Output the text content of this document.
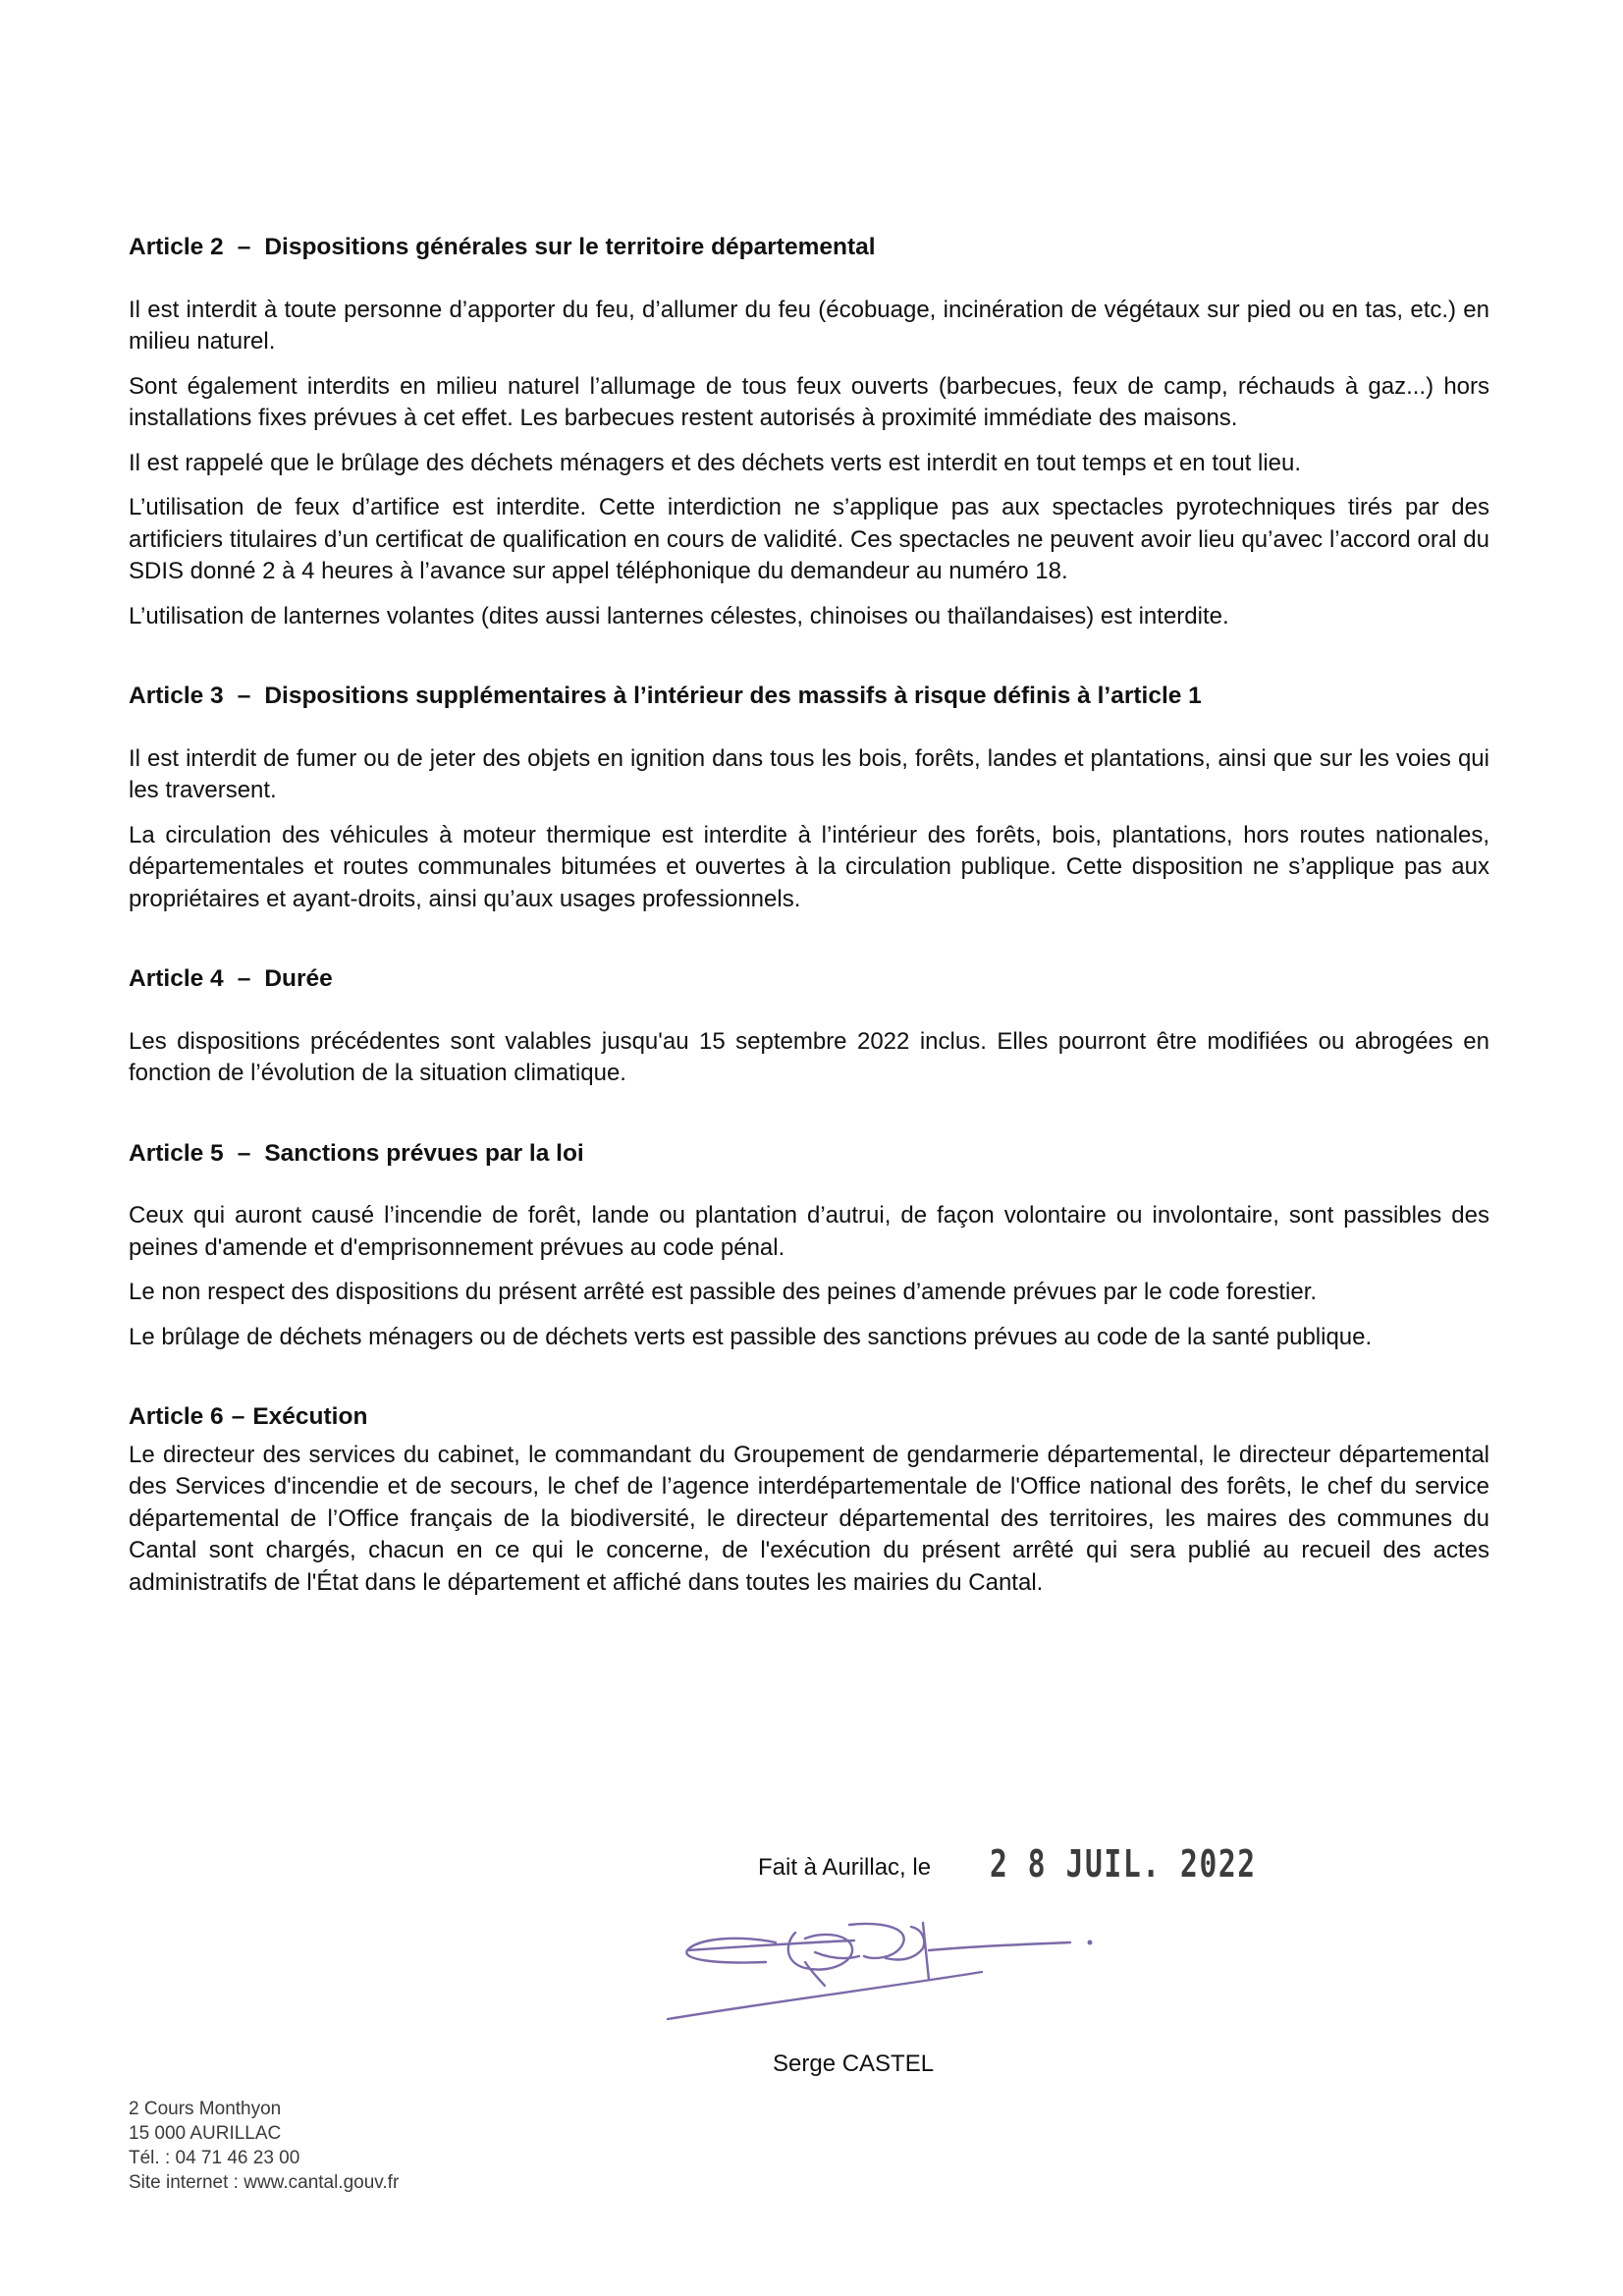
Article 2 – Dispositions générales sur le territoire départemental

Il est interdit à toute personne d’apporter du feu, d’allumer du feu (écobuage, incinération de végétaux sur pied ou en tas, etc.) en milieu naturel.

Sont également interdits en milieu naturel l’allumage de tous feux ouverts (barbecues, feux de camp, réchauds à gaz...) hors installations fixes prévues à cet effet. Les barbecues restent autorisés à proximité immédiate des maisons.

Il est rappelé que le brûlage des déchets ménagers et des déchets verts est interdit en tout temps et en tout lieu.

L’utilisation de feux d’artifice est interdite. Cette interdiction ne s’applique pas aux spectacles pyrotechniques tirés par des artificiers titulaires d’un certificat de qualification en cours de validité. Ces spectacles ne peuvent avoir lieu qu’avec l’accord oral du SDIS donné 2 à 4 heures à l’avance sur appel téléphonique du demandeur au numéro 18.

L’utilisation de lanternes volantes (dites aussi lanternes célestes, chinoises ou thaïlandaises) est interdite.

Article 3 – Dispositions supplémentaires à l’intérieur des massifs à risque définis à l’article 1

Il est interdit de fumer ou de jeter des objets en ignition dans tous les bois, forêts, landes et plantations, ainsi que sur les voies qui les traversent.

La circulation des véhicules à moteur thermique est interdite à l’intérieur des forêts, bois, plantations, hors routes nationales, départementales et routes communales bitumées et ouvertes à la circulation publique. Cette disposition ne s’applique pas aux propriétaires et ayant-droits, ainsi qu’aux usages professionnels.

Article 4 – Durée

Les dispositions précédentes sont valables jusqu'au 15 septembre 2022 inclus. Elles pourront être modifiées ou abrogées en fonction de l’évolution de la situation climatique.

Article 5 – Sanctions prévues par la loi

Ceux qui auront causé l’incendie de forêt, lande ou plantation d’autrui, de façon volontaire ou involontaire, sont passibles des peines d'amende et d'emprisonnement prévues au code pénal.

Le non respect des dispositions du présent arrêté est passible des peines d’amende prévues par le code forestier.

Le brûlage de déchets ménagers ou de déchets verts est passible des sanctions prévues au code de la santé publique.

Article 6 – Exécution

Le directeur des services du cabinet, le commandant du Groupement de gendarmerie départemental, le directeur départemental des Services d'incendie et de secours, le chef de l’agence interdépartementale de l'Office national des forêts, le chef du service départemental de l’Office français de la biodiversité, le directeur départemental des territoires, les maires des communes du Cantal sont chargés, chacun en ce qui le concerne, de l'exécution du présent arrêté qui sera publié au recueil des actes administratifs de l'État dans le département et affiché dans toutes les mairies du Cantal.

Fait à Aurillac, le 2 8 JUIL. 2022
Serge CASTEL
2 Cours Monthyon
15 000 AURILLAC
Tél. : 04 71 46 23 00
Site internet : www.cantal.gouv.fr
